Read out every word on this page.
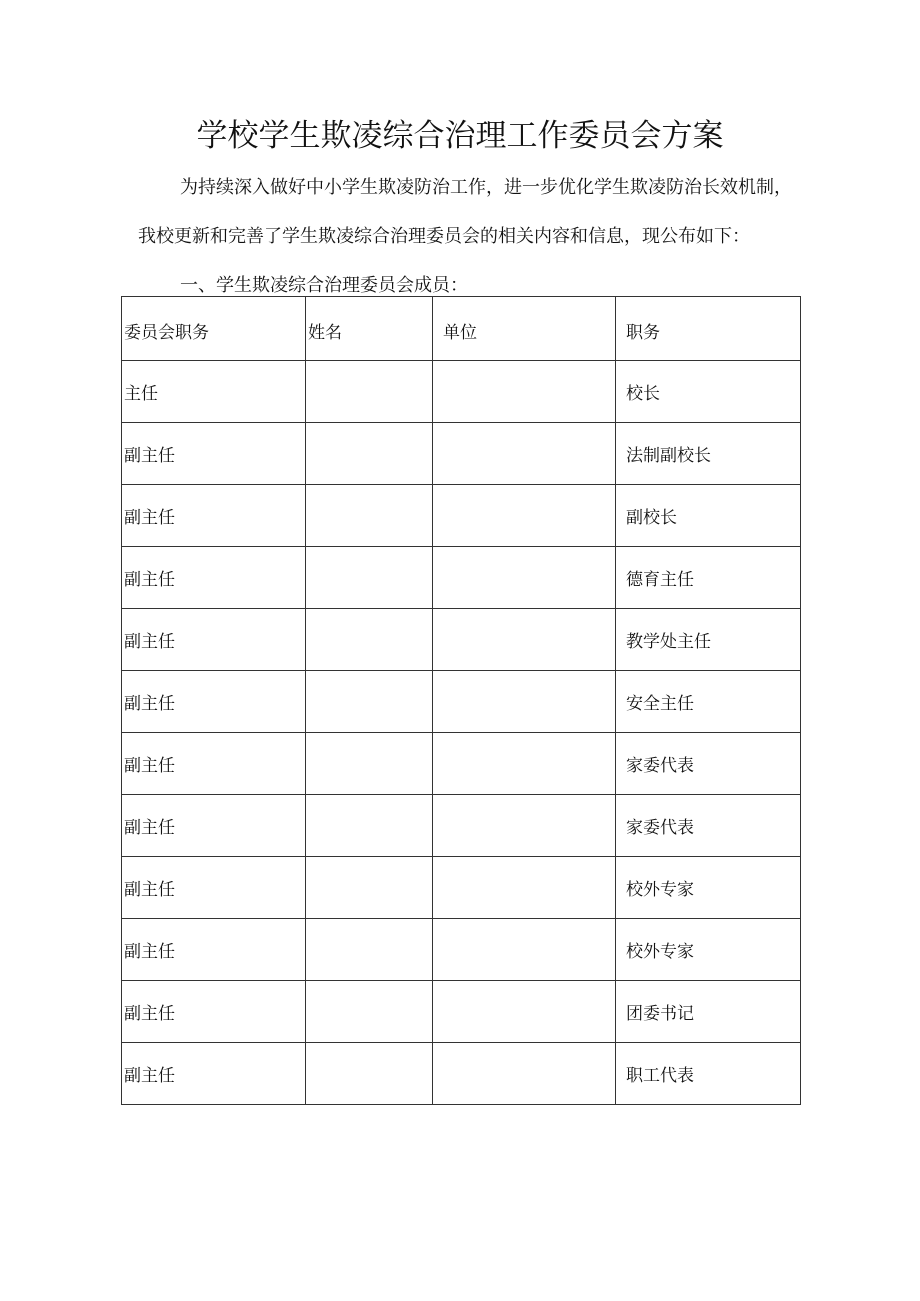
学校学生欺凌综合治理工作委员会方案

为持续深入做好中小学生欺凌防治工作，进一步优化学生欺凌防治长效机制，

我校更新和完善了学生欺凌综合治理委员会的相关内容和信息，现公布如下：

一、学生欺凌综合治理委员会成员：

委员会职务	姓名	单位	职务
主任			校长
副主任			法制副校长
副主任			副校长
副主任			德育主任
副主任			教学处主任
副主任			安全主任
副主任			家委代表
副主任			家委代表
副主任			校外专家
副主任			校外专家
副主任			团委书记
副主任			职工代表
